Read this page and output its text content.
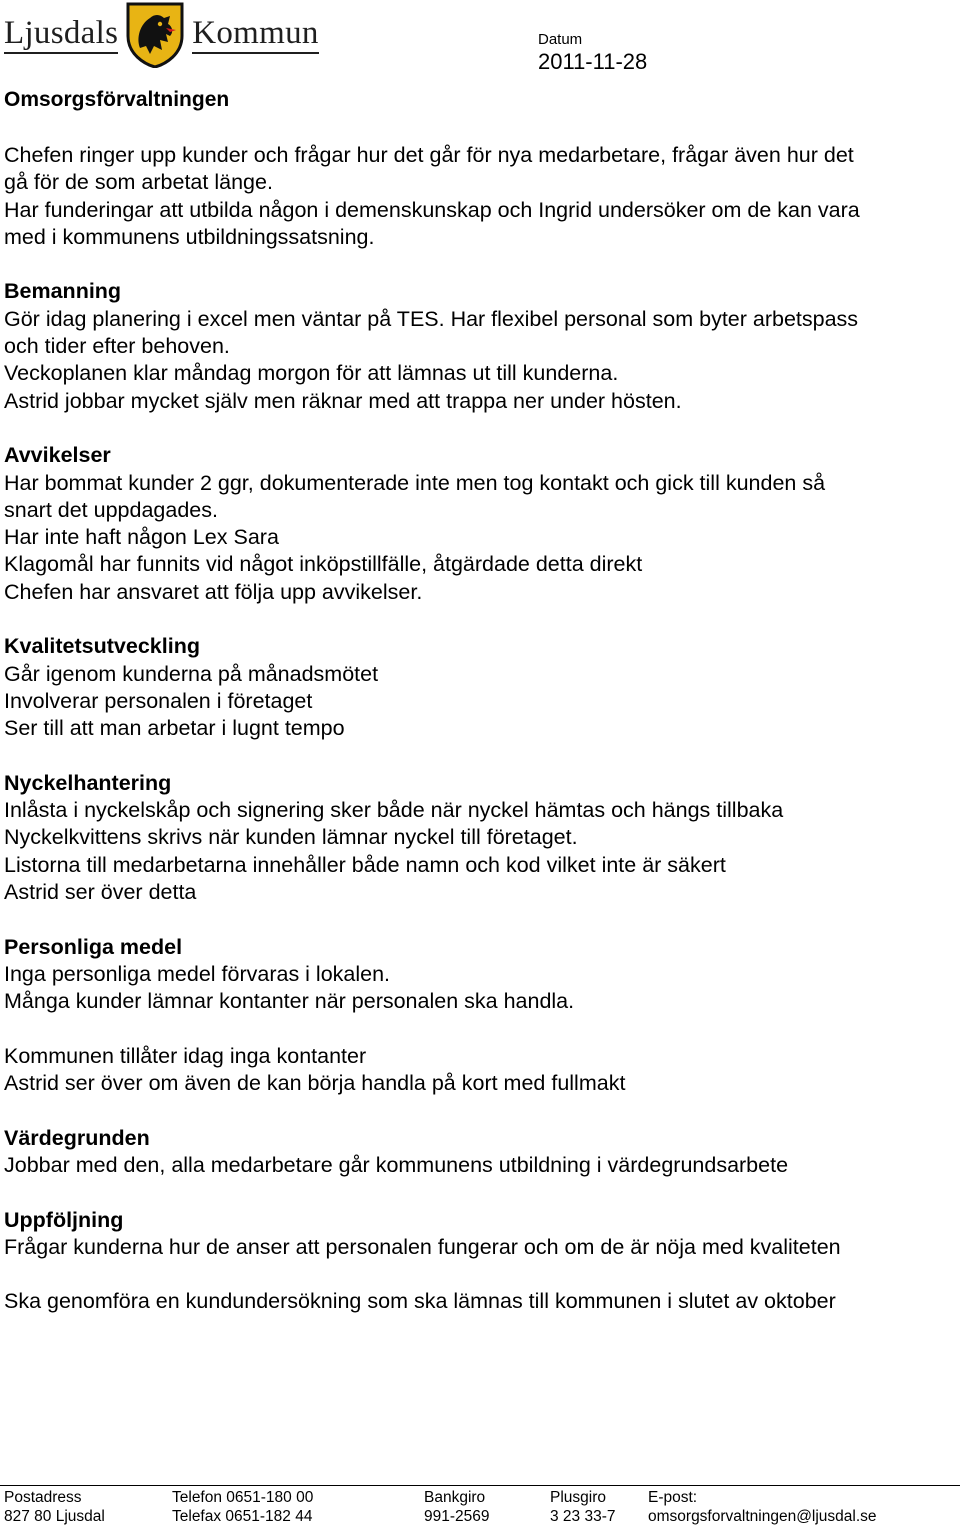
Ljusdals Kommun	Datum
2011-11-28
Omsorgsförvaltningen

Chefen ringer upp kunder och frågar hur det går för nya medarbetare, frågar även hur det
gå för de som arbetat länge.
Har funderingar att utbilda någon i demenskunskap och Ingrid undersöker om de kan vara
med i kommunens utbildningssatsning.

Bemanning
Gör idag planering i excel men väntar på TES. Har flexibel personal som byter arbetspass
och tider efter behoven.
Veckoplanen klar måndag morgon för att lämnas ut till kunderna.
Astrid jobbar mycket själv men räknar med att trappa ner under hösten.

Avvikelser
Har bommat kunder 2 ggr, dokumenterade inte men tog kontakt och gick till kunden så
snart det uppdagades.
Har inte haft någon Lex Sara
Klagomål har funnits vid något inköpstillfälle, åtgärdade detta direkt
Chefen har ansvaret att följa upp avvikelser.

Kvalitetsutveckling
Går igenom kunderna på månadsmötet
Involverar personalen i företaget
Ser till att man arbetar i lugnt tempo

Nyckelhantering
Inlåsta i nyckelskåp och signering sker både när nyckel hämtas och hängs tillbaka
Nyckelkvittens skrivs när kunden lämnar nyckel till företaget.
Listorna till medarbetarna innehåller både namn och kod vilket inte är säkert
Astrid ser över detta

Personliga medel
Inga personliga medel förvaras i lokalen.
Många kunder lämnar kontanter när personalen ska handla.

Kommunen tillåter idag inga kontanter
Astrid ser över om även de kan börja handla på kort med fullmakt

Värdegrunden
Jobbar med den, alla medarbetare går kommunens utbildning i värdegrundsarbete

Uppföljning
Frågar kunderna hur de anser att personalen fungerar och om de är nöja med kvaliteten

Ska genomföra en kundundersökning som ska lämnas till kommunen i slutet av oktober

Postadress
827 80 Ljusdal
Telefon 0651-180 00
Telefax 0651-182 44
Bankgiro
991-2569
Plusgiro
3 23 33-7
E-post:
omsorgsforvaltningen@ljusdal.se
